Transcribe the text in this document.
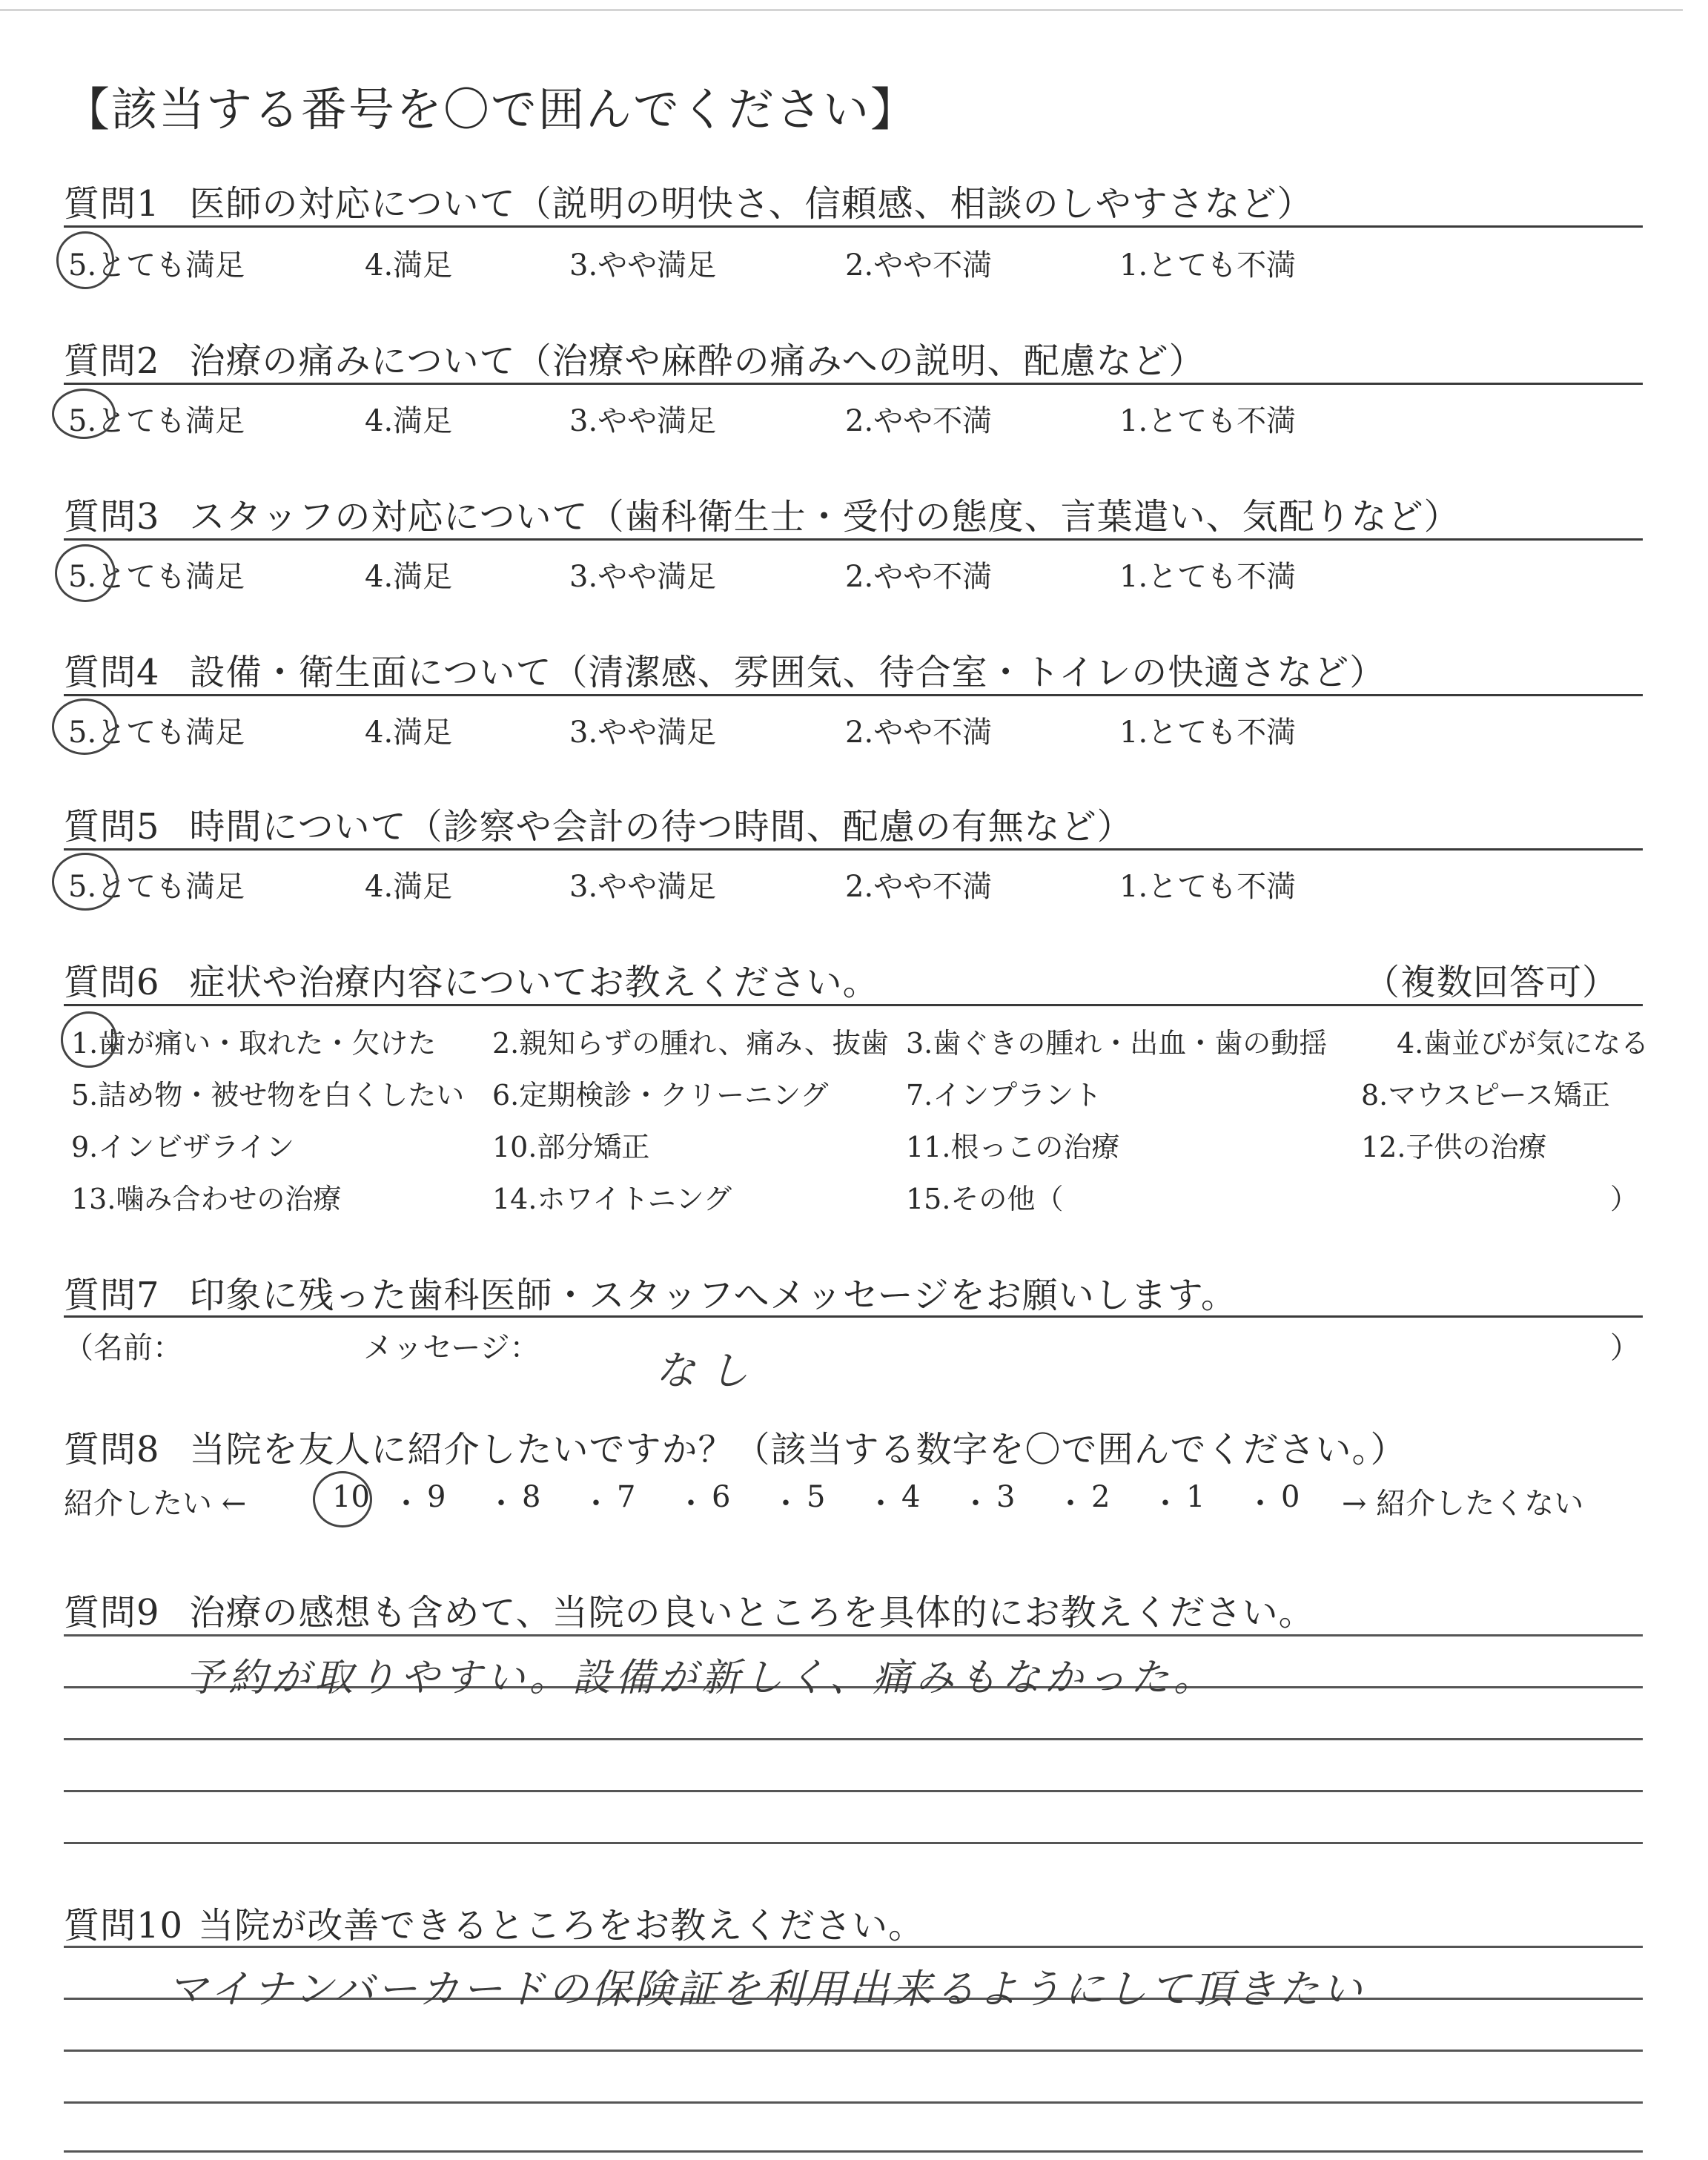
【該当する番号を〇で囲んでください】
質問1 医師の対応について（説明の明快さ、信頼感、相談のしやすさなど）
5.とても満足	4.満足	3.やや満足	2.やや不満	1.とても不満
質問2 治療の痛みについて（治療や麻酔の痛みへの説明、配慮など）
5.とても満足	4.満足	3.やや満足	2.やや不満	1.とても不満
質問3 スタッフの対応について（歯科衛生士・受付の態度、言葉遣い、気配りなど）
5.とても満足	4.満足	3.やや満足	2.やや不満	1.とても不満
質問4 設備・衛生面について（清潔感、雰囲気、待合室・トイレの快適さなど）
5.とても満足	4.満足	3.やや満足	2.やや不満	1.とても不満
質問5 時間について（診察や会計の待つ時間、配慮の有無など）
5.とても満足	4.満足	3.やや満足	2.やや不満	1.とても不満
質問6 症状や治療内容についてお教えください。	（複数回答可）
1.歯が痛い・取れた・欠けた 2.親知らずの腫れ、痛み、抜歯 3.歯ぐきの腫れ・出血・歯の動揺 4.歯並びが気になる
5.詰め物・被せ物を白くしたい 6.定期検診・クリーニング	7.インプラント	8.マウスピース矯正
9.インビザライン	10.部分矯正	11.根っこの治療	12.子供の治療
13.噛み合わせの治療	14.ホワイトニング	15.その他（	）
質問7 印象に残った歯科医師・スタッフへメッセージをお願いします。
（名前：	メッセージ：	）
なし
質問8 当院を友人に紹介したいですか？（該当する数字を〇で囲んでください。）
紹介したい ←	10 ・ 9 ・ 8 ・ 7 ・ 6 ・ 5 ・ 4 ・ 3 ・ 2 ・ 1 ・ 0 → 紹介したくない
質問9 治療の感想も含めて、当院の良いところを具体的にお教えください。
予約が取りやすい。設備が新しく、痛みもなかった。
質問10 当院が改善できるところをお教えください。
マイナンバーカードの保険証を利用出来るようにして頂きたい
